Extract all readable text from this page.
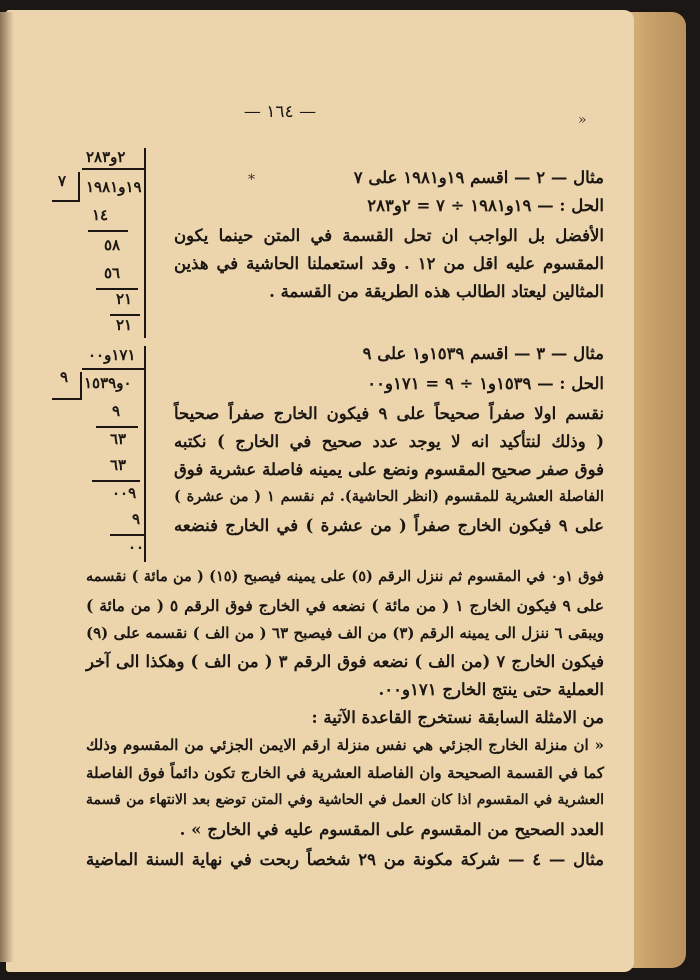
— ١٦٤ —
*
»
مثال — ٢ — اقسم ١٩و١٩٨١ على ٧
الحل : — ١٩و١٩٨١ ÷ ٧ = ٢و٢٨٣
الأفضل بل الواجب ان تحل القسمة في المتن حينما يكون
المقسوم عليه اقل من ١٢ . وقد استعملنا الحاشية في هذين
المثالين ليعتاد الطالب هذه الطريقة من القسمة .
٢و٢٨٣
٧ ١٩و١٩٨١
١٤
٥٨
٥٦
٢١
٢١
مثال — ٣ — اقسم ١٥٣٩و١ على ٩
الحل : — ١٥٣٩و١ ÷ ٩ = ١٧١و٠٠
نقسم اولا صفراً صحيحاً على ٩ فيكون الخارج صفراً صحيحاً
( وذلك لنتأكيد انه لا يوجد عدد صحيح في الخارج ) نكتبه
فوق صفر صحيح المقسوم ونضع على يمينه فاصلة عشرية فوق
الفاصلة العشرية للمقسوم (انظر الحاشية). ثم نقسم ١ ( من عشرة )
على ٩ فيكون الخارج صفراً ( من عشرة ) في الخارج فنضعه
١٧١و٠٠
٩ ٠و١٥٣٩
٩
٦٣
٦٣
٠٠٩
٩
٠٠
فوق ١و٠ في المقسوم ثم ننزل الرقم (٥) على يمينه فيصبح (١٥) ( من مائة ) نقسمه
على ٩ فيكون الخارج ١ ( من مائة ) نضعه في الخارج فوق الرقم ٥ ( من مائة )
ويبقى ٦ ننزل الى يمينه الرقم (٣) من الف فيصبح ٦٣ ( من الف ) نقسمه على (٩)
فيكون الخارج ٧ (من الف ) نضعه فوق الرقم ٣ ( من الف ) وهكذا الى آخر
العملية حتى ينتج الخارج ١٧١و٠٠.
من الامثلة السابقة نستخرج القاعدة الآتية :
« ان منزلة الخارج الجزئي هي نفس منزلة ارقم الايمن الجزئي من المقسوم وذلك
كما في القسمة الصحيحة وان الفاصلة العشرية في الخارج تكون دائماً فوق الفاصلة
العشرية في المقسوم اذا كان العمل في الحاشية وفي المتن توضع بعد الانتهاء من قسمة
العدد الصحيح من المقسوم على المقسوم عليه في الخارج » .
مثال — ٤ — شركة مكونة من ٢٩ شخصاً ربحت في نهاية السنة الماضية
